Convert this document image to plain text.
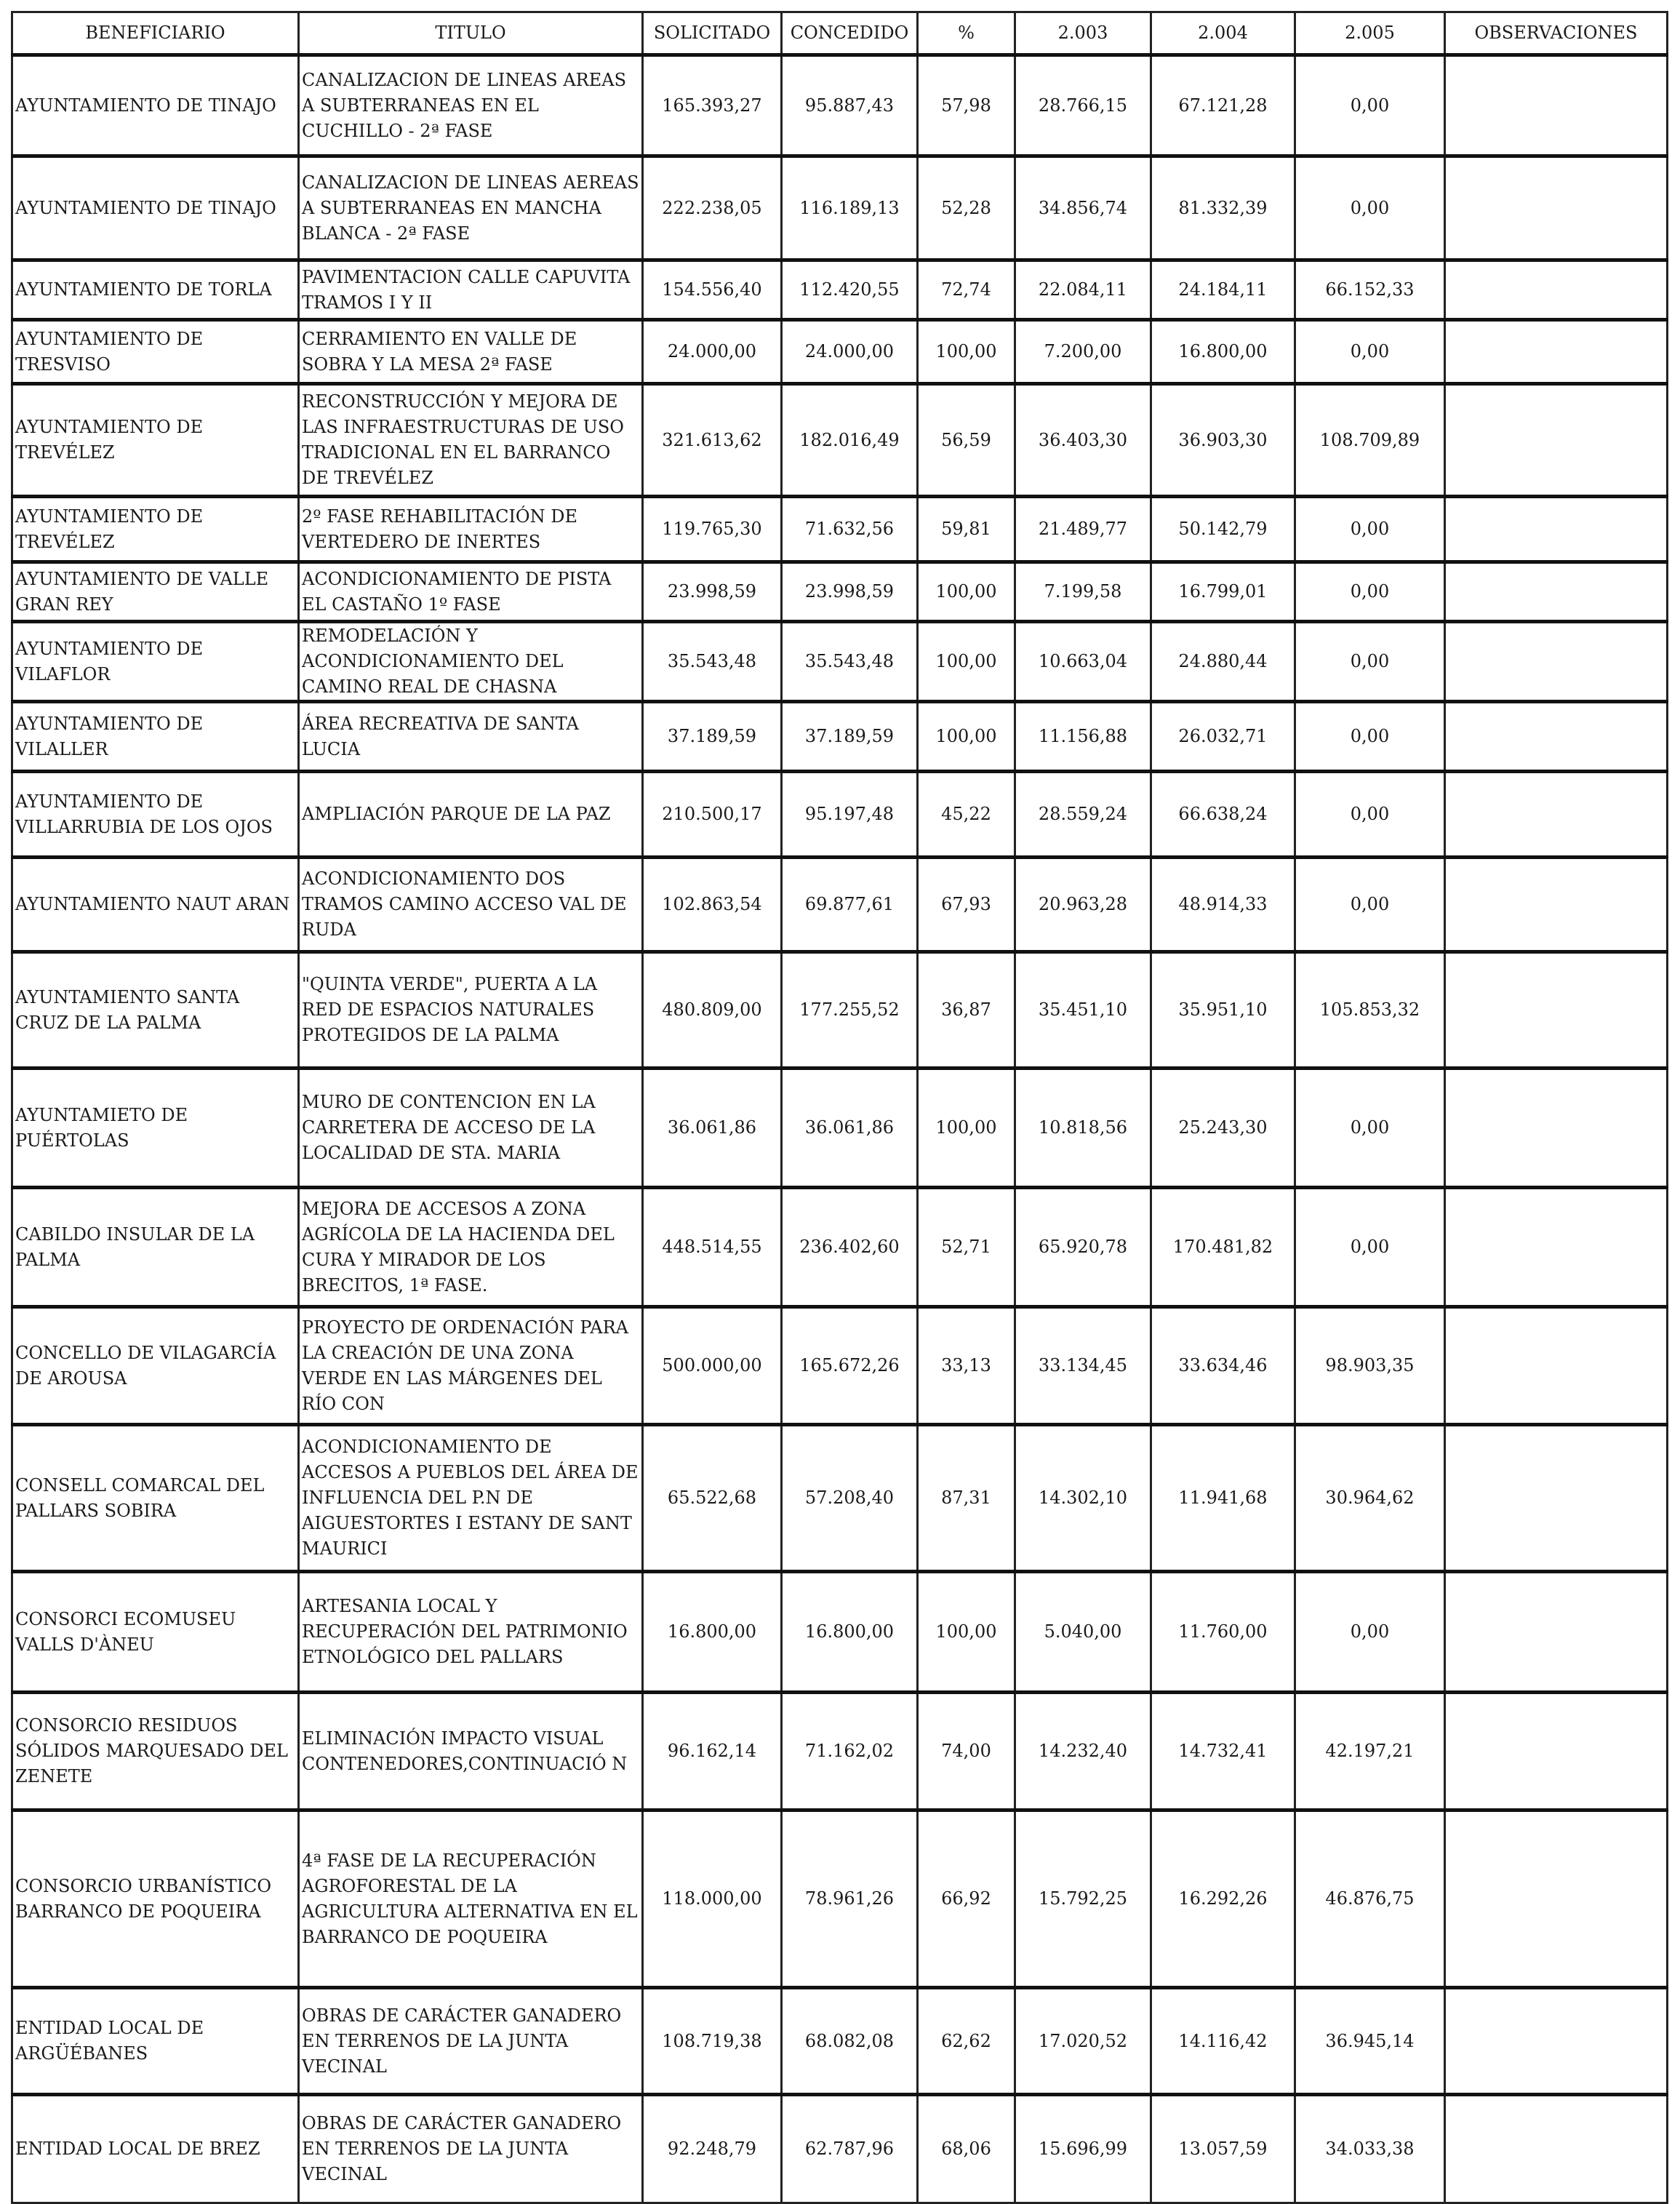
BENEFICIARIO	TITULO	SOLICITADO	CONCEDIDO	%	2.003	2.004	2.005	OBSERVACIONES
AYUNTAMIENTO DE TINAJO	CANALIZACION DE LINEAS AREAS A SUBTERRANEAS EN EL CUCHILLO - 2ª FASE	165.393,27	95.887,43	57,98	28.766,15	67.121,28	0,00	
AYUNTAMIENTO DE TINAJO	CANALIZACION DE LINEAS AEREAS A SUBTERRANEAS EN MANCHA BLANCA - 2ª FASE	222.238,05	116.189,13	52,28	34.856,74	81.332,39	0,00	
AYUNTAMIENTO DE TORLA	PAVIMENTACION CALLE CAPUVITA TRAMOS I Y II	154.556,40	112.420,55	72,74	22.084,11	24.184,11	66.152,33	
AYUNTAMIENTO DE TRESVISO	CERRAMIENTO EN VALLE DE SOBRA Y LA MESA 2ª FASE	24.000,00	24.000,00	100,00	7.200,00	16.800,00	0,00	
AYUNTAMIENTO DE TREVÉLEZ	RECONSTRUCCIÓN Y MEJORA DE LAS INFRAESTRUCTURAS DE USO TRADICIONAL EN EL BARRANCO DE TREVÉLEZ	321.613,62	182.016,49	56,59	36.403,30	36.903,30	108.709,89	
AYUNTAMIENTO DE TREVÉLEZ	2º FASE REHABILITACIÓN DE VERTEDERO DE INERTES	119.765,30	71.632,56	59,81	21.489,77	50.142,79	0,00	
AYUNTAMIENTO DE VALLE GRAN REY	ACONDICIONAMIENTO DE PISTA EL CASTAÑO 1º FASE	23.998,59	23.998,59	100,00	7.199,58	16.799,01	0,00	
AYUNTAMIENTO DE VILAFLOR	REMODELACIÓN Y ACONDICIONAMIENTO DEL CAMINO REAL DE CHASNA	35.543,48	35.543,48	100,00	10.663,04	24.880,44	0,00	
AYUNTAMIENTO DE VILALLER	ÁREA RECREATIVA DE SANTA LUCIA	37.189,59	37.189,59	100,00	11.156,88	26.032,71	0,00	
AYUNTAMIENTO DE VILLARRUBIA DE LOS OJOS	AMPLIACIÓN PARQUE DE LA PAZ	210.500,17	95.197,48	45,22	28.559,24	66.638,24	0,00	
AYUNTAMIENTO NAUT ARAN	ACONDICIONAMIENTO DOS TRAMOS CAMINO ACCESO VAL DE RUDA	102.863,54	69.877,61	67,93	20.963,28	48.914,33	0,00	
AYUNTAMIENTO SANTA CRUZ DE LA PALMA	"QUINTA VERDE", PUERTA A LA RED DE ESPACIOS NATURALES PROTEGIDOS DE LA PALMA	480.809,00	177.255,52	36,87	35.451,10	35.951,10	105.853,32	
AYUNTAMIETO DE PUÉRTOLAS	MURO DE CONTENCION EN LA CARRETERA DE ACCESO DE LA LOCALIDAD DE STA. MARIA	36.061,86	36.061,86	100,00	10.818,56	25.243,30	0,00	
CABILDO INSULAR DE LA PALMA	MEJORA DE ACCESOS A ZONA AGRÍCOLA DE LA HACIENDA DEL CURA Y MIRADOR DE LOS BRECITOS, 1ª FASE.	448.514,55	236.402,60	52,71	65.920,78	170.481,82	0,00	
CONCELLO DE VILAGARCÍA DE AROUSA	PROYECTO DE ORDENACIÓN PARA LA CREACIÓN DE UNA ZONA VERDE EN LAS MÁRGENES DEL RÍO CON	500.000,00	165.672,26	33,13	33.134,45	33.634,46	98.903,35	
CONSELL COMARCAL DEL PALLARS SOBIRA	ACONDICIONAMIENTO DE ACCESOS A PUEBLOS DEL ÁREA DE INFLUENCIA DEL P.N DE AIGUESTORTES I ESTANY DE SANT MAURICI	65.522,68	57.208,40	87,31	14.302,10	11.941,68	30.964,62	
CONSORCI ECOMUSEU VALLS D'ÀNEU	ARTESANIA LOCAL Y RECUPERACIÓN DEL PATRIMONIO ETNOLÓGICO DEL PALLARS	16.800,00	16.800,00	100,00	5.040,00	11.760,00	0,00	
CONSORCIO RESIDUOS SÓLIDOS MARQUESADO DEL ZENETE	ELIMINACIÓN IMPACTO VISUAL CONTENEDORES,CONTINUACIÓ N	96.162,14	71.162,02	74,00	14.232,40	14.732,41	42.197,21	
CONSORCIO URBANÍSTICO BARRANCO DE POQUEIRA	4ª FASE DE LA RECUPERACIÓN AGROFORESTAL DE LA AGRICULTURA ALTERNATIVA EN EL BARRANCO DE POQUEIRA	118.000,00	78.961,26	66,92	15.792,25	16.292,26	46.876,75	
ENTIDAD LOCAL DE ARGÜÉBANES	OBRAS DE CARÁCTER GANADERO EN TERRENOS DE LA JUNTA VECINAL	108.719,38	68.082,08	62,62	17.020,52	14.116,42	36.945,14	
ENTIDAD LOCAL DE BREZ	OBRAS DE CARÁCTER GANADERO EN TERRENOS DE LA JUNTA VECINAL	92.248,79	62.787,96	68,06	15.696,99	13.057,59	34.033,38	
